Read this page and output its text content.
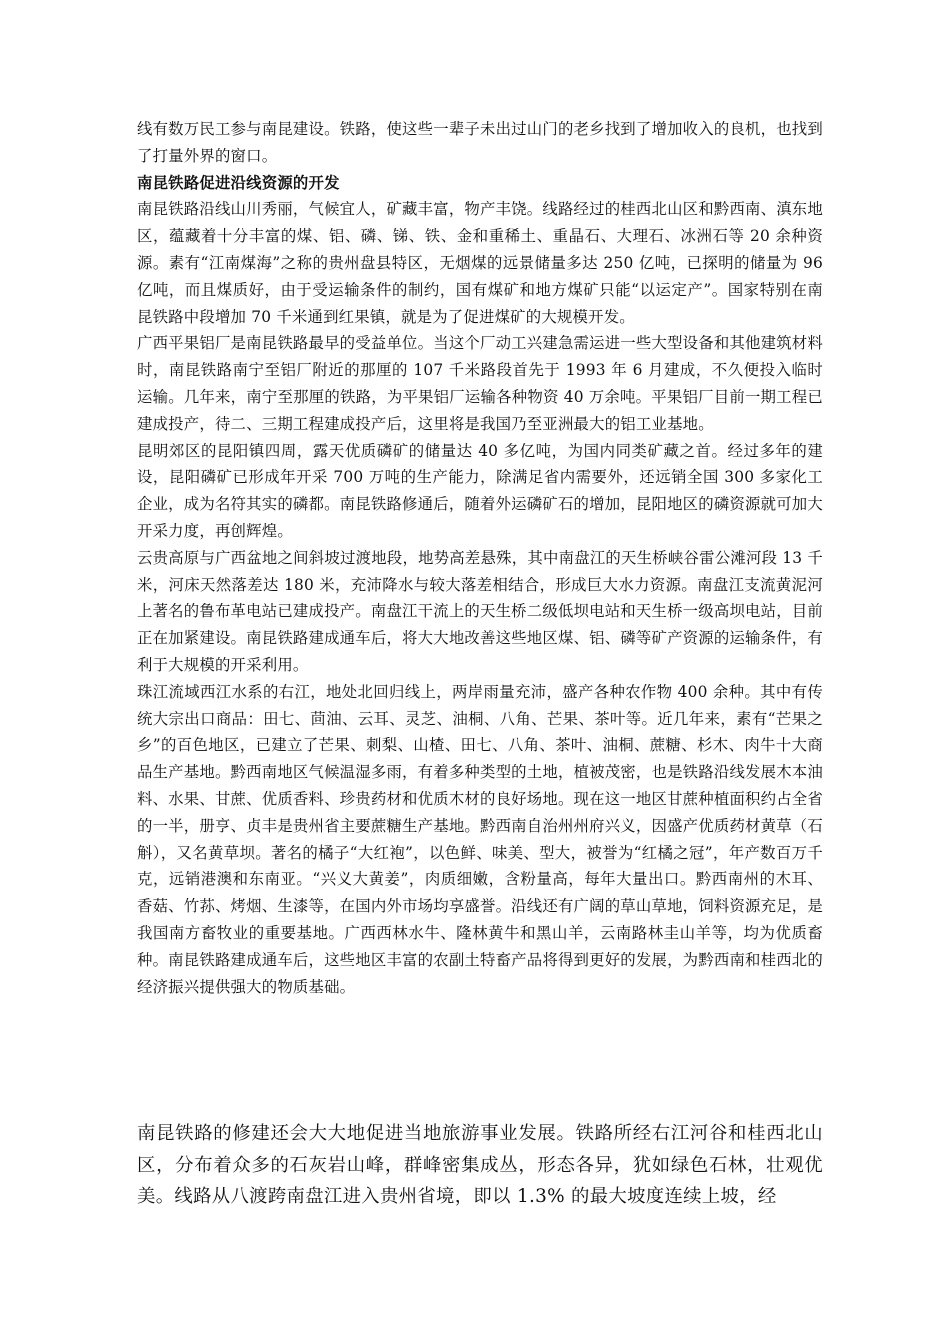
线有数万民工参与南昆建设。铁路，使这些一辈子未出过山门的老乡找到了增加收入的良机，也找到了打量外界的窗口。

南昆铁路促进沿线资源的开发

南昆铁路沿线山川秀丽，气候宜人，矿藏丰富，物产丰饶。线路经过的桂西北山区和黔西南、滇东地区，蕴藏着十分丰富的煤、铝、磷、锑、铁、金和重稀土、重晶石、大理石、冰洲石等 20 余种资源。素有“江南煤海”之称的贵州盘县特区，无烟煤的远景储量多达 250 亿吨，已探明的储量为 96 亿吨，而且煤质好，由于受运输条件的制约，国有煤矿和地方煤矿只能“以运定产”。国家特别在南昆铁路中段增加 70 千米通到红果镇，就是为了促进煤矿的大规模开发。

广西平果铝厂是南昆铁路最早的受益单位。当这个厂动工兴建急需运进一些大型设备和其他建筑材料时，南昆铁路南宁至铝厂附近的那厘的 107 千米路段首先于 1993 年 6 月建成，不久便投入临时运输。几年来，南宁至那厘的铁路，为平果铝厂运输各种物资 40 万余吨。平果铝厂目前一期工程已建成投产，待二、三期工程建成投产后，这里将是我国乃至亚洲最大的铝工业基地。

昆明郊区的昆阳镇四周，露天优质磷矿的储量达 40 多亿吨，为国内同类矿藏之首。经过多年的建设，昆阳磷矿已形成年开采 700 万吨的生产能力，除满足省内需要外，还远销全国 300 多家化工企业，成为名符其实的磷都。南昆铁路修通后，随着外运磷矿石的增加，昆阳地区的磷资源就可加大开采力度，再创辉煌。

云贵高原与广西盆地之间斜坡过渡地段，地势高差悬殊，其中南盘江的天生桥峡谷雷公滩河段 13 千米，河床天然落差达 180 米，充沛降水与较大落差相结合，形成巨大水力资源。南盘江支流黄泥河上著名的鲁布革电站已建成投产。南盘江干流上的天生桥二级低坝电站和天生桥一级高坝电站，目前正在加紧建设。南昆铁路建成通车后，将大大地改善这些地区煤、铝、磷等矿产资源的运输条件，有利于大规模的开采利用。

珠江流域西江水系的右江，地处北回归线上，两岸雨量充沛，盛产各种农作物 400 余种。其中有传统大宗出口商品：田七、茴油、云耳、灵芝、油桐、八角、芒果、茶叶等。近几年来，素有“芒果之乡”的百色地区，已建立了芒果、刺梨、山楂、田七、八角、茶叶、油桐、蔗糖、杉木、肉牛十大商品生产基地。黔西南地区气候温湿多雨，有着多种类型的土地，植被茂密，也是铁路沿线发展木本油料、水果、甘蔗、优质香料、珍贵药材和优质木材的良好场地。现在这一地区甘蔗种植面积约占全省的一半，册亨、贞丰是贵州省主要蔗糖生产基地。黔西南自治州州府兴义，因盛产优质药材黄草（石斛），又名黄草坝。著名的橘子“大红袍”，以色鲜、味美、型大，被誉为“红橘之冠”，年产数百万千克，远销港澳和东南亚。“兴义大黄姜”，肉质细嫩，含粉量高，每年大量出口。黔西南州的木耳、香菇、竹荪、烤烟、生漆等，在国内外市场均享盛誉。沿线还有广阔的草山草地，饲料资源充足，是我国南方畜牧业的重要基地。广西西林水牛、隆林黄牛和黑山羊，云南路林圭山羊等，均为优质畜种。南昆铁路建成通车后，这些地区丰富的农副土特畜产品将得到更好的发展，为黔西南和桂西北的经济振兴提供强大的物质基础。

南昆铁路的修建还会大大地促进当地旅游事业发展。铁路所经右江河谷和桂西北山区，分布着众多的石灰岩山峰，群峰密集成丛，形态各异，犹如绿色石林，壮观优美。线路从八渡跨南盘江进入贵州省境，即以 1.3% 的最大坡度连续上坡，经
